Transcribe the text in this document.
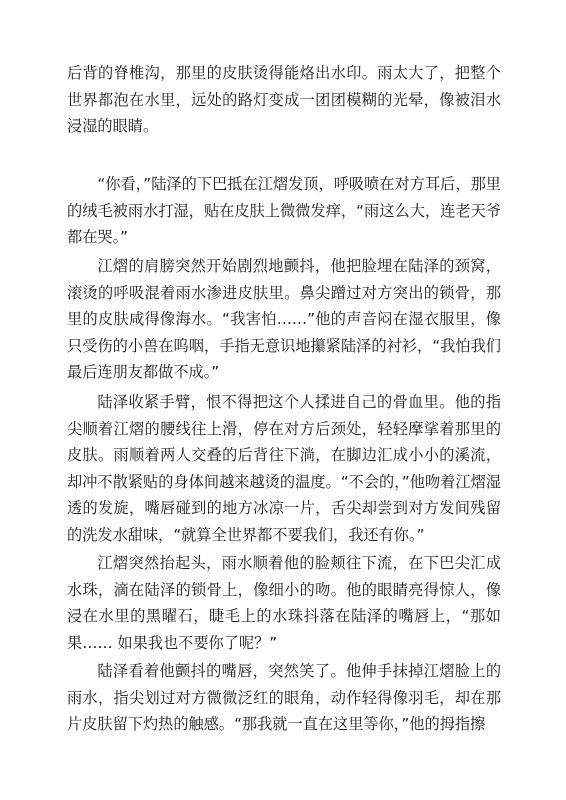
后背的脊椎沟，那里的皮肤烫得能烙出水印。雨太大了，把整个世界都泡在水里，远处的路灯变成一团团模糊的光晕，像被泪水浸湿的眼睛。

“你看，”陆泽的下巴抵在江熠发顶，呼吸喷在对方耳后，那里的绒毛被雨水打湿，贴在皮肤上微微发痒，“雨这么大，连老天爷都在哭。”

江熠的肩膀突然开始剧烈地颤抖，他把脸埋在陆泽的颈窝，滚烫的呼吸混着雨水渗进皮肤里。鼻尖蹭过对方突出的锁骨，那里的皮肤咸得像海水。“我害怕……”他的声音闷在湿衣服里，像只受伤的小兽在呜咽，手指无意识地攥紧陆泽的衬衫，“我怕我们最后连朋友都做不成。”

陆泽收紧手臂，恨不得把这个人揉进自己的骨血里。他的指尖顺着江熠的腰线往上滑，停在对方后颈处，轻轻摩挲着那里的皮肤。雨顺着两人交叠的后背往下淌，在脚边汇成小小的溪流，却冲不散紧贴的身体间越来越烫的温度。“不会的，”他吻着江熠湿透的发旋，嘴唇碰到的地方冰凉一片，舌尖却尝到对方发间残留的洗发水甜味，“就算全世界都不要我们，我还有你。”

江熠突然抬起头，雨水顺着他的脸颊往下流，在下巴尖汇成水珠，滴在陆泽的锁骨上，像细小的吻。他的眼睛亮得惊人，像浸在水里的黑曜石，睫毛上的水珠抖落在陆泽的嘴唇上，“那如果…… 如果我也不要你了呢？”

陆泽看着他颤抖的嘴唇，突然笑了。他伸手抹掉江熠脸上的雨水，指尖划过对方微微泛红的眼角，动作轻得像羽毛，却在那片皮肤留下灼热的触感。“那我就一直在这里等你，”他的拇指擦
